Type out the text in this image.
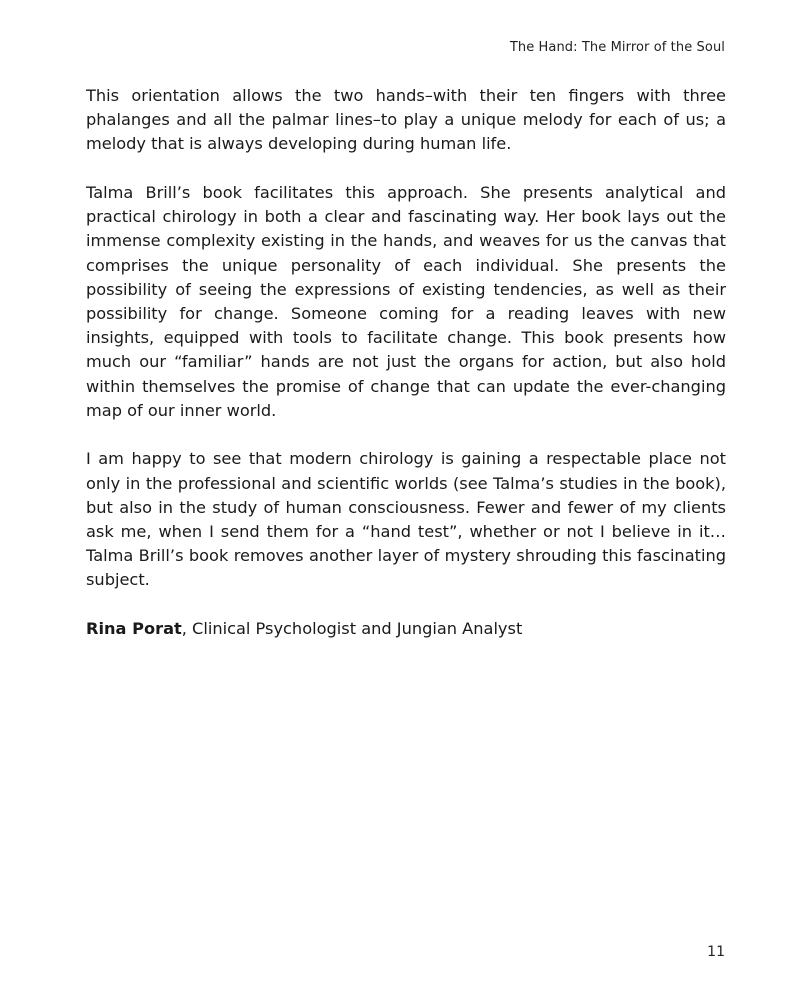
The Hand: The Mirror of the Soul

This orientation allows the two hands–with their ten fingers with three phalanges and all the palmar lines–to play a unique melody for each of us; a melody that is always developing during human life.

Talma Brill’s book facilitates this approach. She presents analytical and practical chirology in both a clear and fascinating way. Her book lays out the immense complexity existing in the hands, and weaves for us the canvas that comprises the unique personality of each individual. She presents the possibility of seeing the expressions of existing tendencies, as well as their possibility for change. Someone coming for a reading leaves with new insights, equipped with tools to facilitate change. This book presents how much our “familiar” hands are not just the organs for action, but also hold within themselves the promise of change that can update the ever-changing map of our inner world.

I am happy to see that modern chirology is gaining a respectable place not only in the professional and scientific worlds (see Talma’s studies in the book), but also in the study of human consciousness. Fewer and fewer of my clients ask me, when I send them for a “hand test”, whether or not I believe in it… Talma Brill’s book removes another layer of mystery shrouding this fascinating subject.

Rina Porat, Clinical Psychologist and Jungian Analyst

11
